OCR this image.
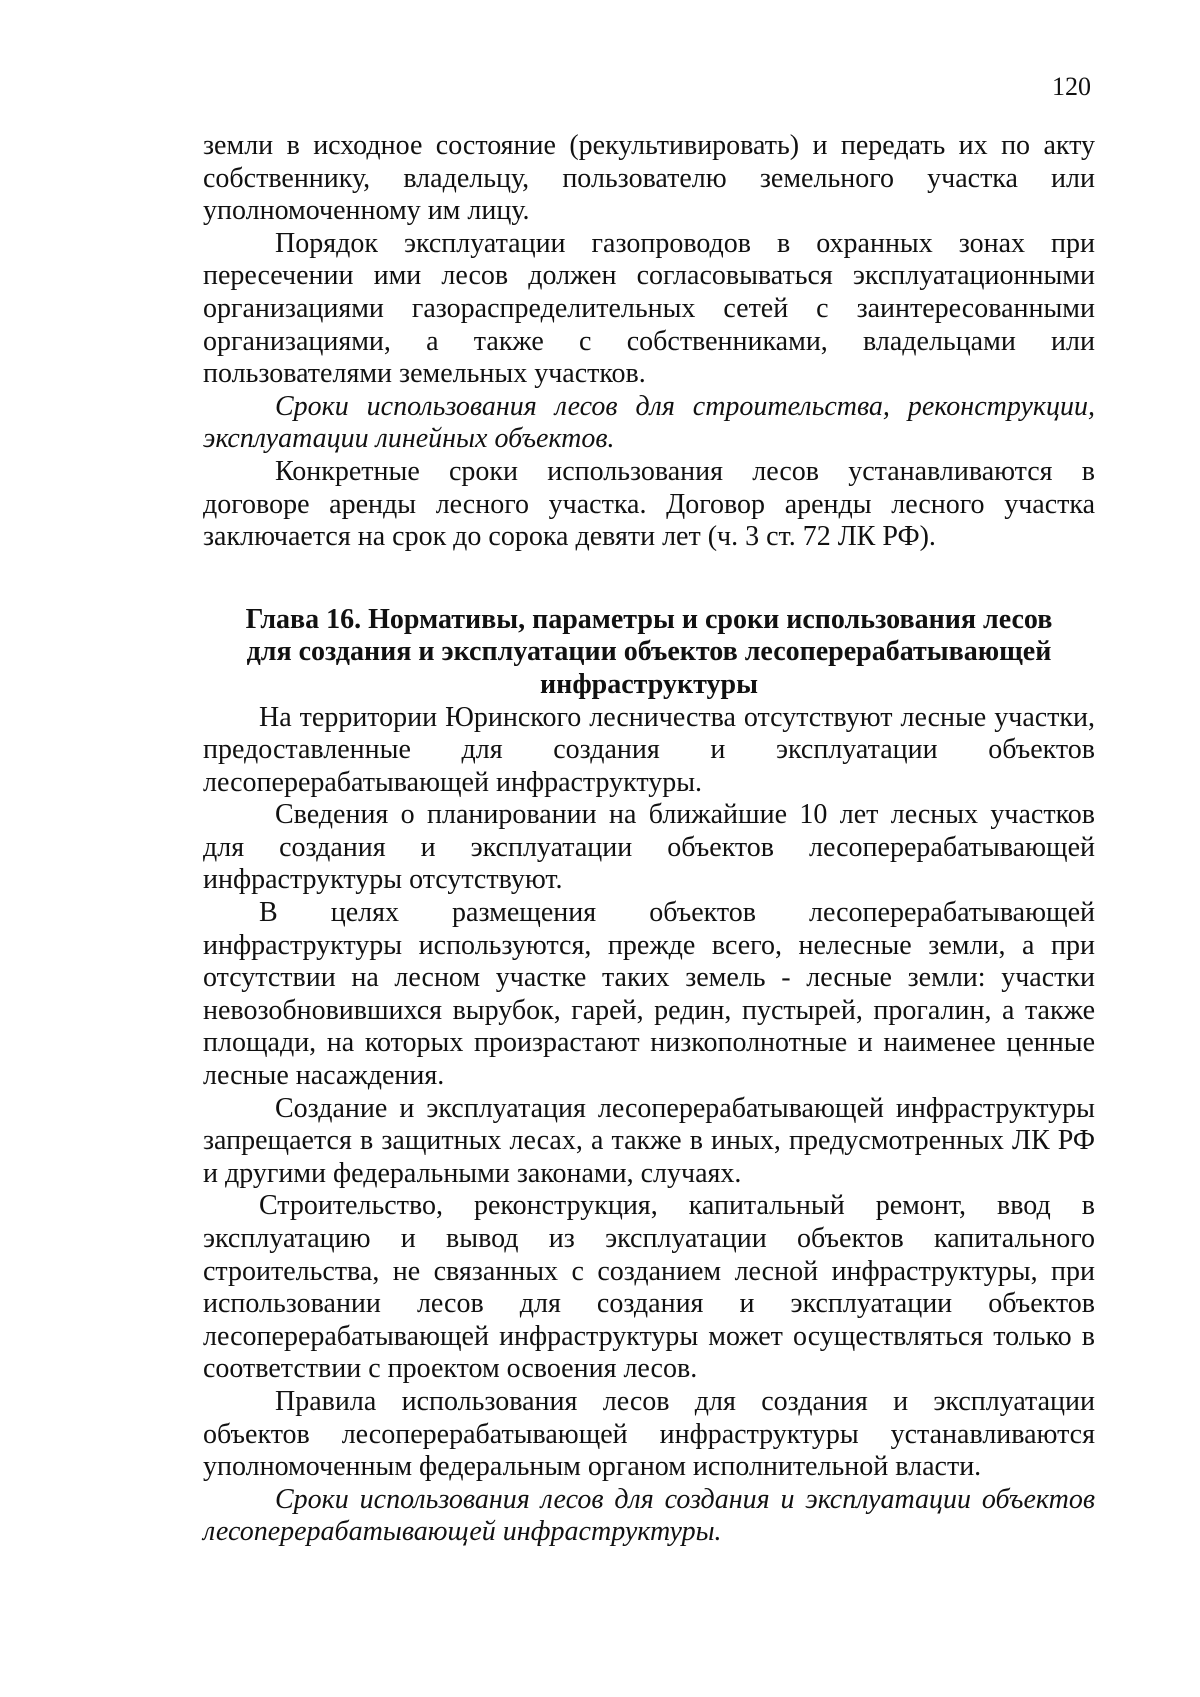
120

земли в исходное состояние (рекультивировать) и передать их по акту собственнику, владельцу, пользователю земельного участка или уполномоченному им лицу.

Порядок эксплуатации газопроводов в охранных зонах при пересечении ими лесов должен согласовываться эксплуатационными организациями газораспределительных сетей с заинтересованными организациями, а также с собственниками, владельцами или пользователями земельных участков.

Сроки использования лесов для строительства, реконструкции, эксплуатации линейных объектов.

Конкретные сроки использования лесов устанавливаются в договоре аренды лесного участка. Договор аренды лесного участка заключается на срок до сорока девяти лет (ч. 3 ст. 72 ЛК РФ).

Глава 16. Нормативы, параметры и сроки использования лесов
для создания и эксплуатации объектов лесоперерабатывающей
инфраструктуры

На территории Юринского лесничества отсутствуют лесные участки, предоставленные для создания и эксплуатации объектов лесоперерабатывающей инфраструктуры.

Сведения о планировании на ближайшие 10 лет лесных участков для создания и эксплуатации объектов лесоперерабатывающей инфраструктуры отсутствуют.

В целях размещения объектов лесоперерабатывающей инфраструктуры используются, прежде всего, нелесные земли, а при отсутствии на лесном участке таких земель - лесные земли: участки невозобновившихся вырубок, гарей, редин, пустырей, прогалин, а также площади, на которых произрастают низкополнотные и наименее ценные лесные насаждения.

Создание и эксплуатация лесоперерабатывающей инфраструктуры запрещается в защитных лесах, а также в иных, предусмотренных ЛК РФ и другими федеральными законами, случаях.

Строительство, реконструкция, капитальный ремонт, ввод в эксплуатацию и вывод из эксплуатации объектов капитального строительства, не связанных с созданием лесной инфраструктуры, при использовании лесов для создания и эксплуатации объектов лесоперерабатывающей инфраструктуры может осуществляться только в соответствии с проектом освоения лесов.

Правила использования лесов для создания и эксплуатации объектов лесоперерабатывающей инфраструктуры устанавливаются уполномоченным федеральным органом исполнительной власти.

Сроки использования лесов для создания и эксплуатации объектов лесоперерабатывающей инфраструктуры.
